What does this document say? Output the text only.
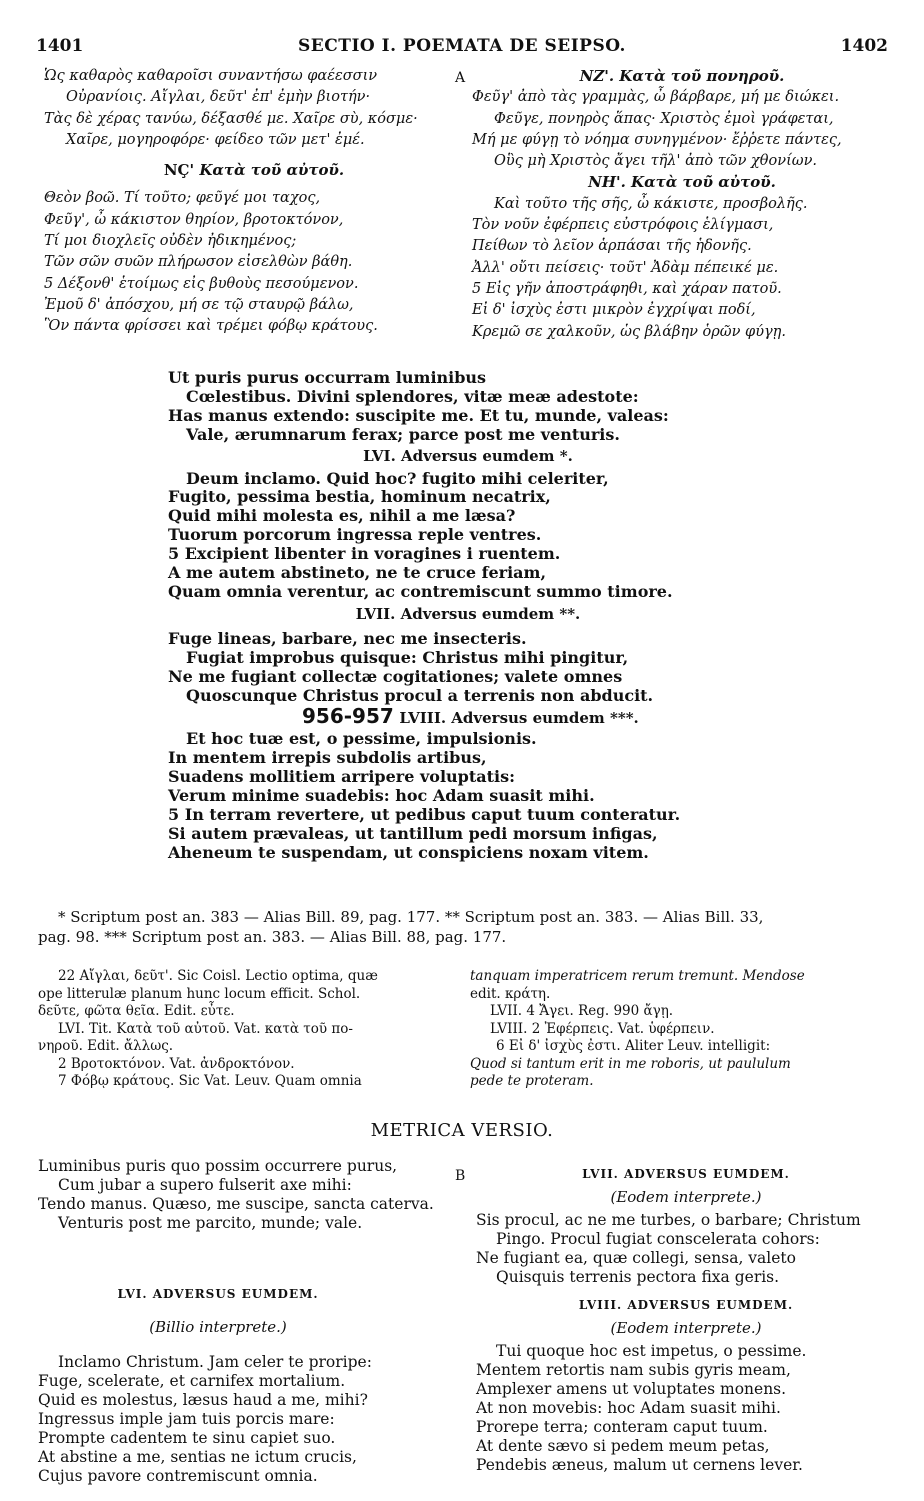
1401	SECTIO I. POEMATA DE SEIPSO.	1402
Ὡς καθαρὸς καθαροῖσι συναντήσω φαέεσσιν
Οὐρανίοις. Αἴγλαι, δεῦτ' ἐπ' ἐμὴν βιοτήν·
Τὰς δὲ χέρας τανύω, δέξασθέ με. Χαῖρε σὺ, κόσμε·
Χαῖρε, μογηροφόρε· φείδεο τῶν μετ' ἐμέ.
NÇ' Κατὰ τοῦ αὐτοῦ.
Θεὸν βοῶ. Τί τοῦτο; φεῦγέ μοι ταχος,
Φεῦγ', ὦ κάκιστον θηρίον, βροτοκτόνον,
Τί μοι διοχλεῖς οὐδὲν ἠδικημένος;
Τῶν σῶν συῶν πλήρωσον εἰσελθὼν βάθη.
5 Δέξονθ' ἑτοίμως εἰς βυθοὺς πεσούμενον.
Ἐμοῦ δ' ἀπόσχου, μή σε τῷ σταυρῷ βάλω,
Ὃν πάντα φρίσσει καὶ τρέμει φόβῳ κράτους.
A	NZ'. Κατὰ τοῦ πονηροῦ.
Φεῦγ' ἀπὸ τὰς γραμμὰς, ὦ βάρβαρε, μή με διώκει.
Φεῦγε, πονηρὸς ἅπας· Χριστὸς ἐμοὶ γράφεται,
Μή με φύγῃ τὸ νόημα συνηγμένον· ἔῤῥετε πάντες,
Οὓς μὴ Χριστὸς ἄγει τῆλ' ἀπὸ τῶν χθονίων.
NH'. Κατὰ τοῦ αὐτοῦ.
Καὶ τοῦτο τῆς σῆς, ὦ κάκιστε, προσβολῆς.
Τὸν νοῦν ἐφέρπεις εὐστρόφοις ἑλίγμασι,
Πείθων τὸ λεῖον ἁρπάσαι τῆς ἡδονῆς.
Ἀλλ' οὔτι πείσεις· τοῦτ' Ἀδὰμ πέπεικέ με.
5 Εἰς γῆν ἀποστράφηθι, καὶ χάραν πατοῦ.
Εἰ δ' ἰσχὺς ἐστι μικρὸν ἐγχρίψαι ποδί,
Κρεμῶ σε χαλκοῦν, ὡς βλάβην ὁρῶν φύγῃ.
Ut puris purus occurram luminibus
Cœlestibus. Divini splendores, vitæ meæ adestote:
Has manus extendo: suscipite me. Et tu, munde, valeas:
Vale, ærumnarum ferax; parce post me venturis.
LVI. Adversus eumdem *.
Deum inclamo. Quid hoc? fugito mihi celeriter,
Fugito, pessima bestia, hominum necatrix,
Quid mihi molesta es, nihil a me læsa?
Tuorum porcorum ingressa reple ventres.
5 Excipient libenter in voragines i ruentem.
A me autem abstineto, ne te cruce feriam,
Quam omnia verentur, ac contremiscunt summo timore.
LVII. Adversus eumdem **.
Fuge lineas, barbare, nec me insecteris.
Fugiat improbus quisque: Christus mihi pingitur,
Ne me fugiant collectæ cogitationes; valete omnes
Quoscunque Christus procul a terrenis non abducit.
956-957 LVIII. Adversus eumdem ***.
Et hoc tuæ est, o pessime, impulsionis.
In mentem irrepis subdolis artibus,
Suadens mollitiem arripere voluptatis:
Verum minime suadebis: hoc Adam suasit mihi.
5 In terram revertere, ut pedibus caput tuum conteratur.
Si autem prævaleas, ut tantillum pedi morsum infigas,
Aheneum te suspendam, ut conspiciens noxam vitem.
* Scriptum post an. 383 — Alias Bill. 89, pag. 177. ** Scriptum post an. 383. — Alias Bill. 33,
pag. 98. *** Scriptum post an. 383. — Alias Bill. 88, pag. 177.
22 Αἴγλαι, δεῦτ'. Sic Coisl. Lectio optima, quæ
ope litterulæ planum hunc locum efficit. Schol.
δεῦτε, φῶτα θεῖα. Edit. εὖτε.
LVI. Tit. Κατὰ τοῦ αὐτοῦ. Vat. κατὰ τοῦ πο-
νηροῦ. Edit. ἄλλως.
2 Βροτοκτόνον. Vat. ἀνδροκτόνον.
7 Φόβῳ κράτους. Sic Vat. Leuv. Quam omnia
tanquam imperatricem rerum tremunt. Mendose
edit. κράτη.
LVII. 4 Ἄγει. Reg. 990 ἄγῃ.
LVIII. 2 Ἐφέρπεις. Vat. ὑφέρπειν.
6 Εἰ δ' ἰσχὺς ἐστι. Aliter Leuv. intelligit:
Quod si tantum erit in me roboris, ut paululum
pede te proteram.
METRICA VERSIO.
B
Luminibus puris quo possim occurrere purus,
Cum jubar a supero fulserit axe mihi:
Tendo manus. Quæso, me suscipe, sancta caterva.
Venturis post me parcito, munde; vale.
LVI. ADVERSUS EUMDEM.
(Billio interprete.)
Inclamo Christum. Jam celer te proripe:
Fuge, scelerate, et carnifex mortalium.
Quid es molestus, læsus haud a me, mihi?
Ingressus imple jam tuis porcis mare:
Prompte cadentem te sinu capiet suo.
At abstine a me, sentias ne ictum crucis,
Cujus pavore contremiscunt omnia.
LVII. ADVERSUS EUMDEM.
(Eodem interprete.)
Sis procul, ac ne me turbes, o barbare; Christum
Pingo. Procul fugiat conscelerata cohors:
Ne fugiant ea, quæ collegi, sensa, valeto
Quisquis terrenis pectora fixa geris.
LVIII. ADVERSUS EUMDEM.
(Eodem interprete.)
Tui quoque hoc est impetus, o pessime.
Mentem retortis nam subis gyris meam,
Amplexer amens ut voluptates monens.
At non movebis: hoc Adam suasit mihi.
Prorepe terra; conteram caput tuum.
At dente sævo si pedem meum petas,
Pendebis æneus, malum ut cernens lever.
